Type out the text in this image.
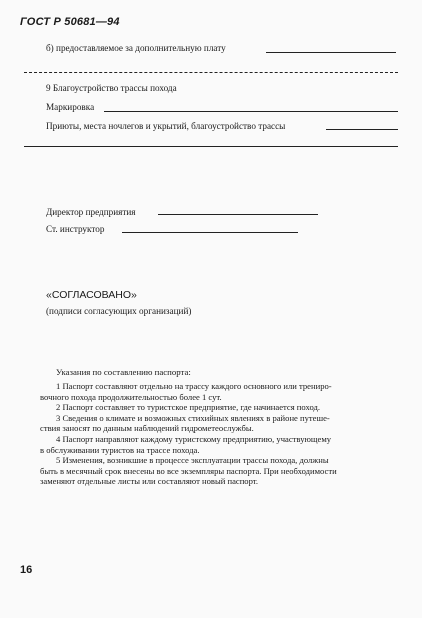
ГОСТ Р 50681—94
б) предоставляемое за дополнительную плату
9 Благоустройство трассы похода
Маркировка
Приюты, места ночлегов и укрытий, благоустройство трассы
Директор предприятия
Ст. инструктор
«СОГЛАСОВАНО»
(подписи согласующих организаций)
Указания по составлению паспорта:
1 Паспорт составляют отдельно на трассу каждого основного или трениро-
вочного похода продолжительностью более 1 сут.
2 Паспорт составляет то туристское предприятие, где начинается поход.
3 Сведения о климате и возможных стихийных явлениях в районе путеше-
ствия заносят по данным наблюдений гидрометеослужбы.
4 Паспорт направляют каждому туристскому предприятию, участвующему
в обслуживании туристов на трассе похода.
5 Изменения, возникшие в процессе эксплуатации трассы похода, должны
быть в месячный срок внесены во все экземпляры паспорта. При необходимости
заменяют отдельные листы или составляют новый паспорт.
16
